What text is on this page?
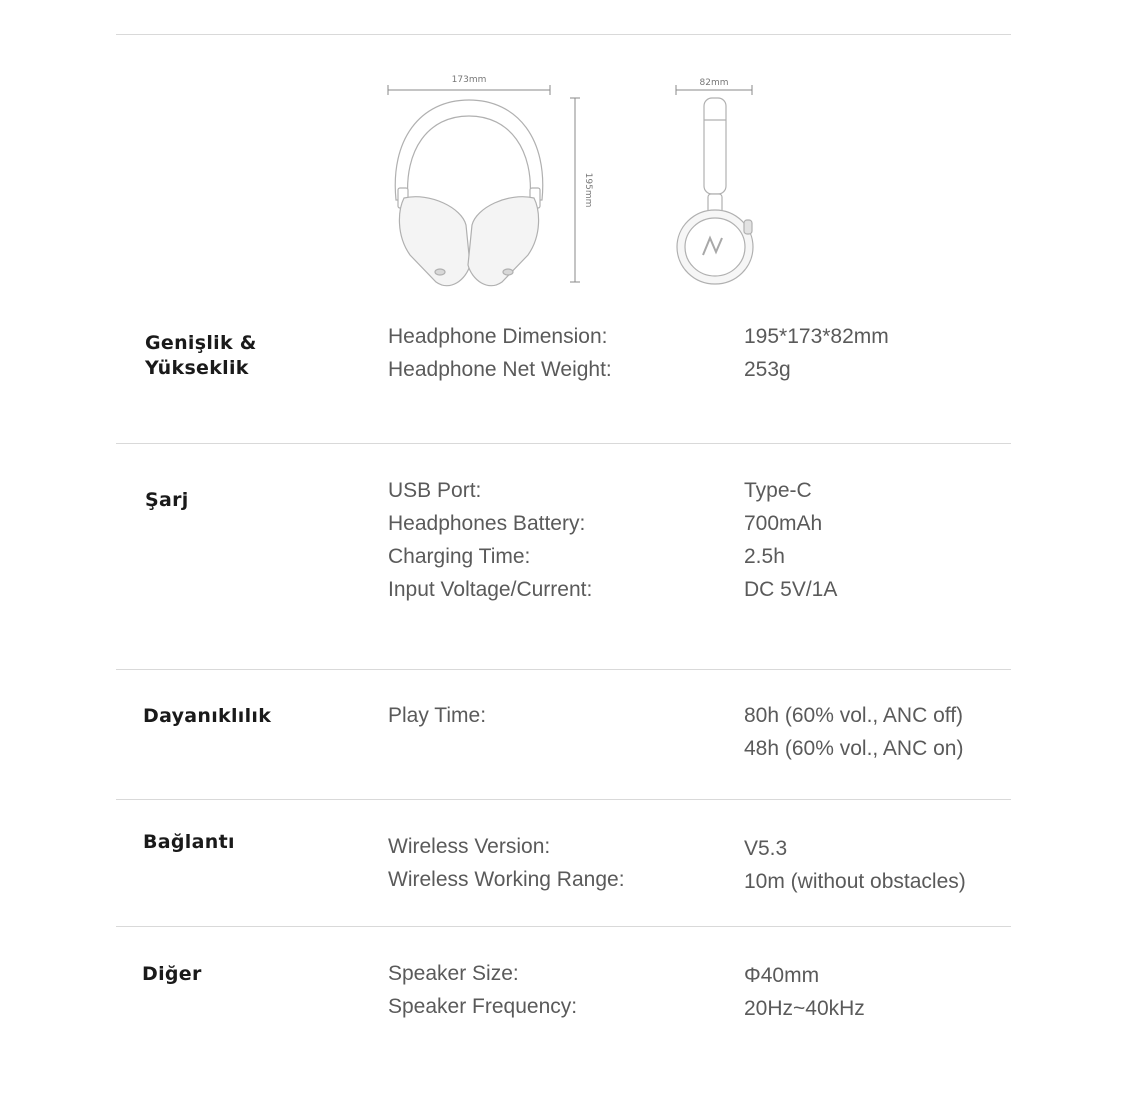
173mm	82mm
195mm
Genişlik &
Yükseklik
Headphone Dimension:	195*173*82mm
Headphone Net Weight:	253g
Şarj	USB Port:	Type-C
Headphones Battery:	700mAh
Charging Time:	2.5h
Input Voltage/Current:	DC 5V/1A
Dayanıklılık	Play Time:	80h (60% vol., ANC off)
48h (60% vol., ANC on)
Bağlantı	Wireless Version:	V5.3
Wireless Working Range:	10m (without obstacles)
Diğer	Speaker Size:	Φ40mm
Speaker Frequency:	20Hz~40kHz
